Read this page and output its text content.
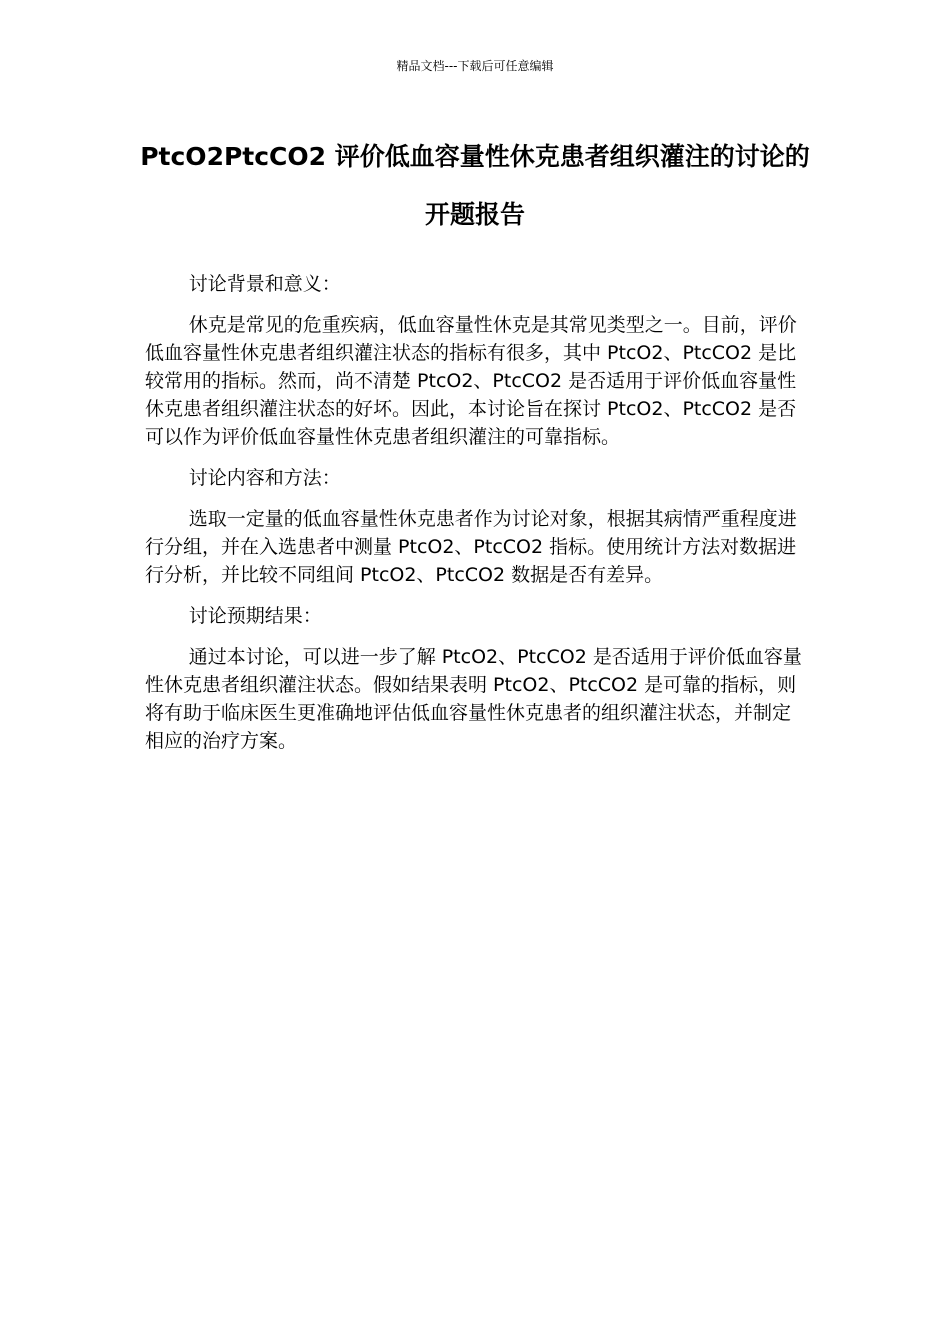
精品文档---下载后可任意编辑
PtcO2PtcCO2 评价低血容量性休克患者组织灌注的讨论的开题报告

讨论背景和意义：

休克是常见的危重疾病，低血容量性休克是其常见类型之一。目前，评价低血容量性休克患者组织灌注状态的指标有很多，其中 PtcO2、PtcCO2 是比较常用的指标。然而，尚不清楚 PtcO2、PtcCO2 是否适用于评价低血容量性休克患者组织灌注状态的好坏。因此，本讨论旨在探讨 PtcO2、PtcCO2 是否可以作为评价低血容量性休克患者组织灌注的可靠指标。

讨论内容和方法：

选取一定量的低血容量性休克患者作为讨论对象，根据其病情严重程度进行分组，并在入选患者中测量 PtcO2、PtcCO2 指标。使用统计方法对数据进行分析，并比较不同组间 PtcO2、PtcCO2 数据是否有差异。

讨论预期结果：

通过本讨论，可以进一步了解 PtcO2、PtcCO2 是否适用于评价低血容量性休克患者组织灌注状态。假如结果表明 PtcO2、PtcCO2 是可靠的指标，则将有助于临床医生更准确地评估低血容量性休克患者的组织灌注状态，并制定相应的治疗方案。
